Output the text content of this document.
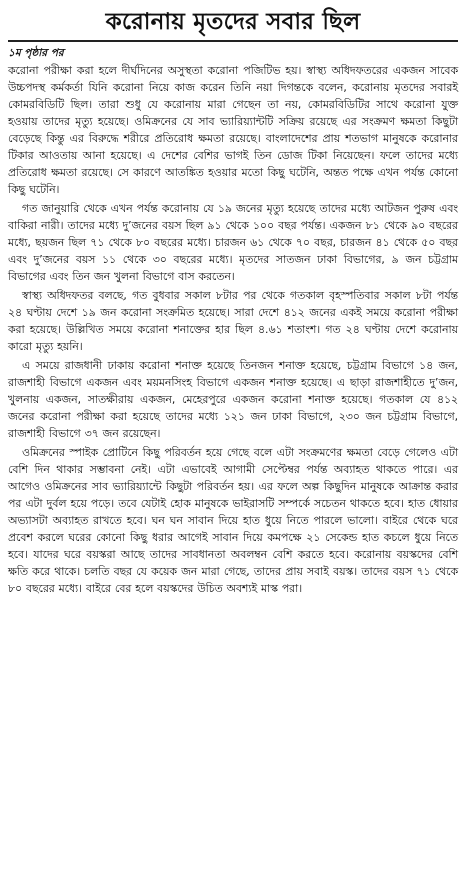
করোনায় মৃতদের সবার ছিল
১ম পৃষ্ঠার পর

করোনা পরীক্ষা করা হলে দীর্ঘদিনের অসুস্থতা করোনা পজিটিভ হয়। স্বাস্থ্য অধিদফতরের একজন সাবেক উচ্চপদস্থ কর্মকর্তা যিনি করোনা নিয়ে কাজ করেন তিনি নয়া দিগন্তকে বলেন, করোনায় মৃতদের সবারই কোমরবিডিটি ছিল। তারা শুধু যে করোনায় মারা গেছেন তা নয়, কোমরবিডিটির সাথে করোনা যুক্ত হওয়ায় তাদের মৃত্যু হয়েছে। ওমিক্রনের যে সাব ভ্যারিয়্যান্টটি সক্রিয় রয়েছে এর সংক্রমণ ক্ষমতা কিছুটা বেড়েছে কিন্তু এর বিরুদ্ধে শরীরে প্রতিরোধ ক্ষমতা রয়েছে। বাংলাদেশের প্রায় শতভাগ মানুষকে করোনার টিকার আওতায় আনা হয়েছে। এ দেশের বেশির ভাগই তিন ডোজ টিকা নিয়েছেন। ফলে তাদের মধ্যে প্রতিরোধ ক্ষমতা রয়েছে। সে কারণে আতঙ্কিত হওয়ার মতো কিছু ঘটেনি, অন্তত পক্ষে এখন পর্যন্ত কোনো কিছু ঘটেনি।

গত জানুয়ারি থেকে এখন পর্যন্ত করোনায় যে ১৯ জনের মৃত্যু হয়েছে তাদের মধ্যে আটজন পুরুষ এবং বাকিরা নারী। তাদের মধ্যে দু’জনের বয়স ছিল ৯১ থেকে ১০০ বছর পর্যন্ত। একজন ৮১ থেকে ৯০ বছরের মধ্যে, ছয়জন ছিল ৭১ থেকে ৮০ বছরের মধ্যে। চারজন ৬১ থেকে ৭০ বছর, চারজন ৪১ থেকে ৫০ বছর এবং দু’জনের বয়স ১১ থেকে ৩০ বছরের মধ্যে। মৃতদের সাতজন ঢাকা বিভাগের, ৯ জন চট্টগ্রাম বিভাগের এবং তিন জন খুলনা বিভাগে বাস করতেন।

স্বাস্থ্য অধিদফতর বলছে, গত বুধবার সকাল ৮টার পর থেকে গতকাল বৃহস্পতিবার সকাল ৮টা পর্যন্ত ২৪ ঘণ্টায় দেশে ১৯ জন করোনা সংক্রমিত হয়েছে। সারা দেশে ৪১২ জনের একই সময়ে করোনা পরীক্ষা করা হয়েছে। উল্লিখিত সময়ে করোনা শনাক্তের হার ছিল ৪.৬১ শতাংশ। গত ২৪ ঘণ্টায় দেশে করোনায় কারো মৃত্যু হয়নি।

এ সময়ে রাজধানী ঢাকায় করোনা শনাক্ত হয়েছে তিনজন শনাক্ত হয়েছে, চট্টগ্রাম বিভাগে ১৪ জন, রাজশাহী বিভাগে একজন এবং ময়মনসিংহ বিভাগে একজন শনাক্ত হয়েছে। এ ছাড়া রাজশাহীতে দু’জন, খুলনায় একজন, সাতক্ষীরায় একজন, মেহেরপুরে একজন করোনা শনাক্ত হয়েছে। গতকাল যে ৪১২ জনের করোনা পরীক্ষা করা হয়েছে তাদের মধ্যে ১২১ জন ঢাকা বিভাগে, ২৩০ জন চট্টগ্রাম বিভাগে, রাজশাহী বিভাগে ৩৭ জন রয়েছেন।

ওমিক্রনের স্পাইক প্রোটিনে কিছু পরিবর্তন হয়ে গেছে বলে এটা সংক্রমণের ক্ষমতা বেড়ে গেলেও এটা বেশি দিন থাকার সম্ভাবনা নেই। এটা এভাবেই আগামী সেপ্টেম্বর পর্যন্ত অব্যাহত থাকতে পারে। এর আগেও ওমিক্রনের সাব ভ্যারিয়্যান্টে কিছুটা পরিবর্তন হয়। এর ফলে অল্প কিছুদিন মানুষকে আক্রান্ত করার পর এটা দুর্বল হয়ে পড়ে। তবে যেটাই হোক মানুষকে ভাইরাসটি সম্পর্কে সচেতন থাকতে হবে। হাত ধোয়ার অভ্যাসটা অব্যাহত রাখতে হবে। ঘন ঘন সাবান দিয়ে হাত ধুয়ে নিতে পারলে ভালো। বাইরে থেকে ঘরে প্রবেশ করলে ঘরের কোনো কিছু ধরার আগেই সাবান দিয়ে কমপক্ষে ২১ সেকেন্ড হাত কচলে ধুয়ে নিতে হবে। যাদের ঘরে বয়স্করা আছে তাদের সাবধানতা অবলম্বন বেশি করতে হবে। করোনায় বয়স্কদের বেশি ক্ষতি করে থাকে। চলতি বছর যে কয়েক জন মারা গেছে, তাদের প্রায় সবাই বয়স্ক। তাদের বয়স ৭১ থেকে ৮০ বছরের মধ্যে। বাইরে বের হলে বয়স্কদের উচিত অবশ্যই মাস্ক পরা।
